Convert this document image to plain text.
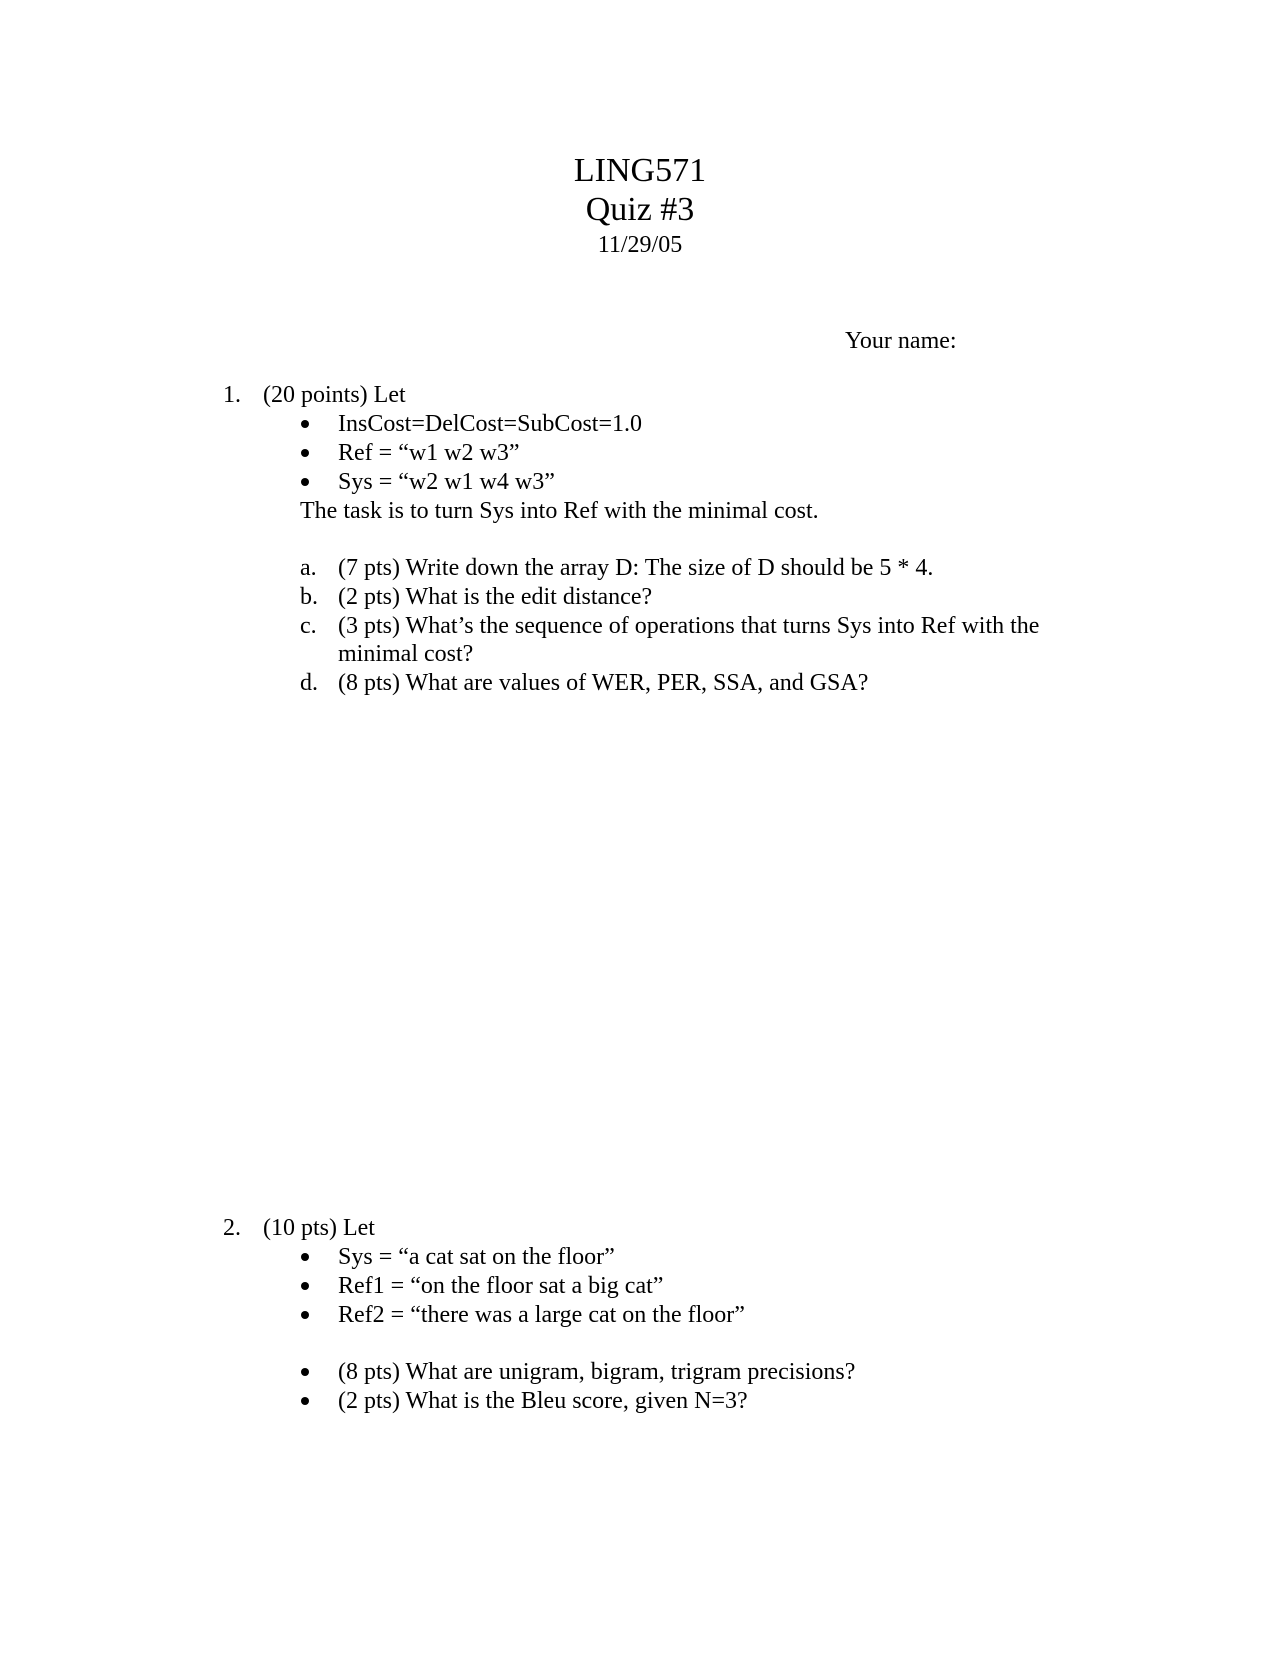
LING571
Quiz #3
11/29/05
Your name:
1. (20 points) Let
InsCost=DelCost=SubCost=1.0
Ref = “w1 w2 w3”
Sys = “w2 w1 w4 w3”
The task is to turn Sys into Ref with the minimal cost.
a. (7 pts) Write down the array D: The size of D should be 5 * 4.
b. (2 pts) What is the edit distance?
c. (3 pts) What’s the sequence of operations that turns Sys into Ref with the
minimal cost?
d. (8 pts) What are values of WER, PER, SSA, and GSA?
2. (10 pts) Let
Sys = “a cat sat on the floor”
Ref1 = “on the floor sat a big cat”
Ref2 = “there was a large cat on the floor”
(8 pts) What are unigram, bigram, trigram precisions?
(2 pts) What is the Bleu score, given N=3?
